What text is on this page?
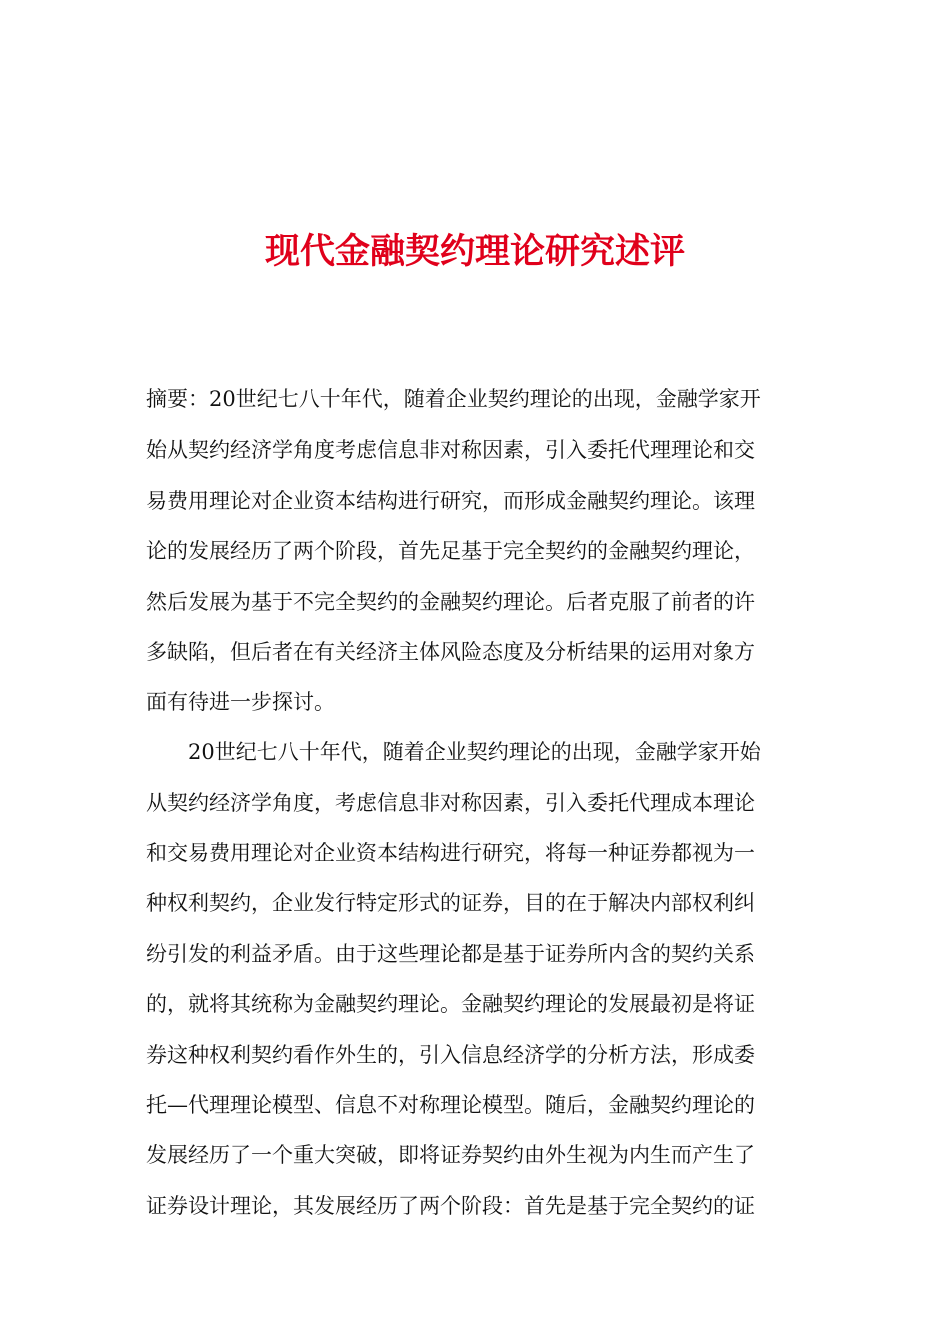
现代金融契约理论研究述评

摘要：20世纪七八十年代，随着企业契约理论的出现，金融学家开

始从契约经济学角度考虑信息非对称因素，引入委托代理理论和交

易费用理论对企业资本结构进行研究，而形成金融契约理论。该理

论的发展经历了两个阶段，首先足基于完全契约的金融契约理论，

然后发展为基于不完全契约的金融契约理论。后者克服了前者的许

多缺陷，但后者在有关经济主体风险态度及分析结果的运用对象方

面有待进一步探讨。

　　20世纪七八十年代，随着企业契约理论的出现，金融学家开始

从契约经济学角度，考虑信息非对称因素，引入委托代理成本理论

和交易费用理论对企业资本结构进行研究，将每一种证券都视为一

种权利契约，企业发行特定形式的证券，目的在于解决内部权利纠

纷引发的利益矛盾。由于这些理论都是基于证券所内含的契约关系

的，就将其统称为金融契约理论。金融契约理论的发展最初是将证

券这种权利契约看作外生的，引入信息经济学的分析方法，形成委

托—代理理论模型、信息不对称理论模型。随后，金融契约理论的

发展经历了一个重大突破，即将证券契约由外生视为内生而产生了

证券设计理论，其发展经历了两个阶段：首先是基于完全契约的证
